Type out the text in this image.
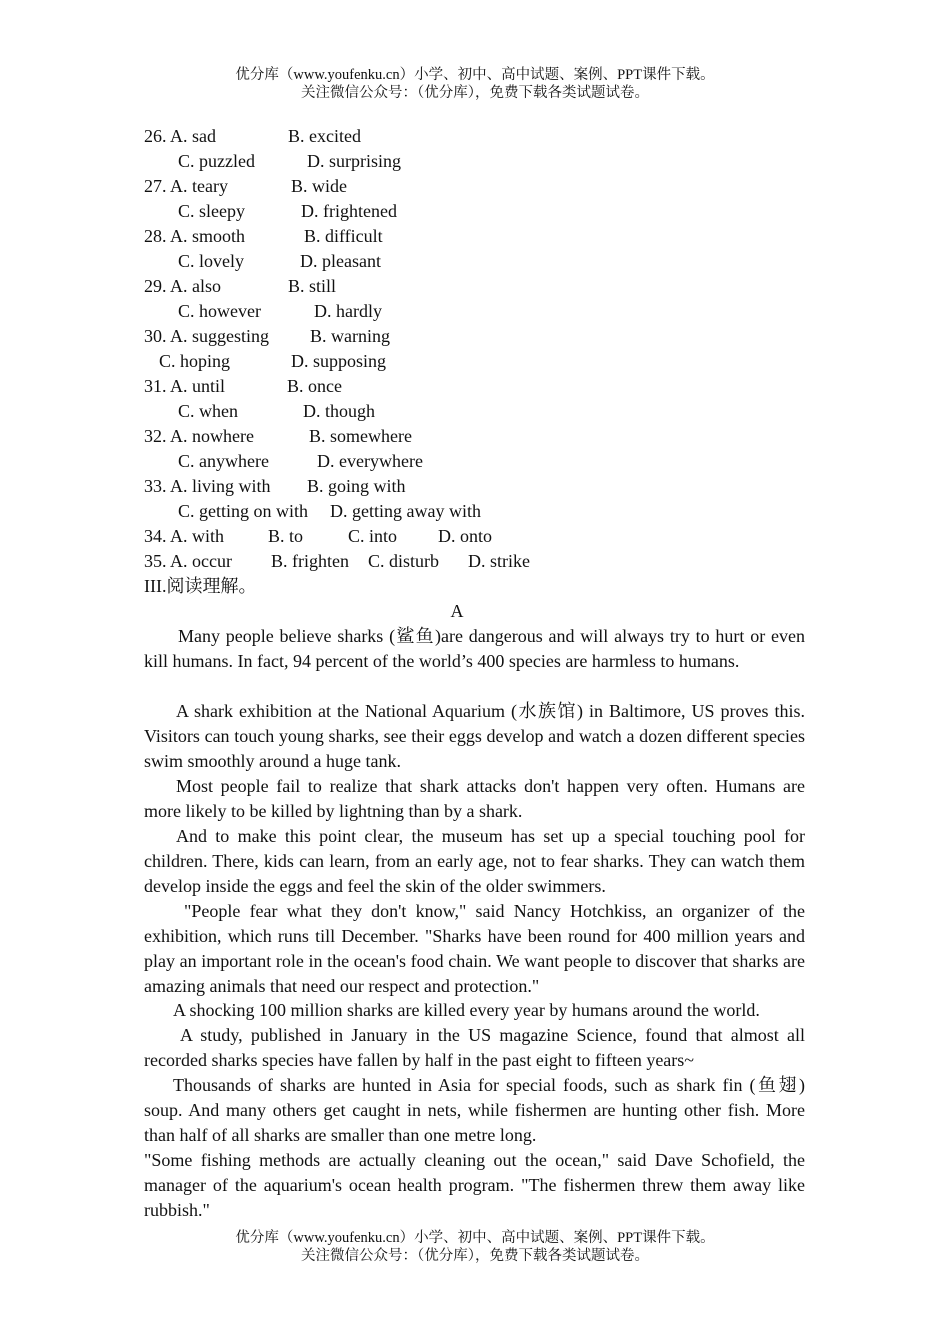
优分库（www.youfenku.cn）小学、初中、高中试题、案例、PPT课件下载。
关注微信公众号：（优分库），免费下载各类试题试卷。
26. A. sad	B. excited
C. puzzled	D. surprising
27. A. teary	B. wide
C. sleepy	D. frightened
28. A. smooth	B. difficult
C. lovely	D. pleasant
29. A. also	B. still
C. however	D. hardly
30. A. suggesting B. warning
C. hoping	D. supposing
31. A. until	B. once
C. when	D. though
32. A. nowhere	B. somewhere
C. anywhere	D. everywhere
33. A. living with B. going with
C. getting on with D. getting away with
34. A. with B. to C. into D. onto
35. A. occur B. frighten C. disturb D. strike
III.阅读理解。
A
Many people believe sharks (鲨鱼)are dangerous and will always try to hurt or even kill humans. In fact, 94 percent of the world’s 400 species are harmless to humans.
A shark exhibition at the National Aquarium (水族馆) in Baltimore, US proves this. Visitors can touch young sharks, see their eggs develop and watch a dozen different species swim smoothly around a huge tank.
Most people fail to realize that shark attacks don't happen very often. Humans are more likely to be killed by lightning than by a shark.
And to make this point clear, the museum has set up a special touching pool for children. There, kids can learn, from an early age, not to fear sharks. They can watch them develop inside the eggs and feel the skin of the older swimmers.
"People fear what they don't know," said Nancy Hotchkiss, an organizer of the exhibition, which runs till December. "Sharks have been round for 400 million years and play an important role in the ocean's food chain. We want people to discover that sharks are amazing animals that need our respect and protection."
A shocking 100 million sharks are killed every year by humans around the world.
A study, published in January in the US magazine Science, found that almost all recorded sharks species have fallen by half in the past eight to fifteen years~
Thousands of sharks are hunted in Asia for special foods, such as shark fin (鱼翅) soup. And many others get caught in nets, while fishermen are hunting other fish. More than half of all sharks are smaller than one metre long.
"Some fishing methods are actually cleaning out the ocean," said Dave Schofield, the manager of the aquarium's ocean health program. "The fishermen threw them away like rubbish."
优分库（www.youfenku.cn）小学、初中、高中试题、案例、PPT课件下载。
关注微信公众号：（优分库），免费下载各类试题试卷。
